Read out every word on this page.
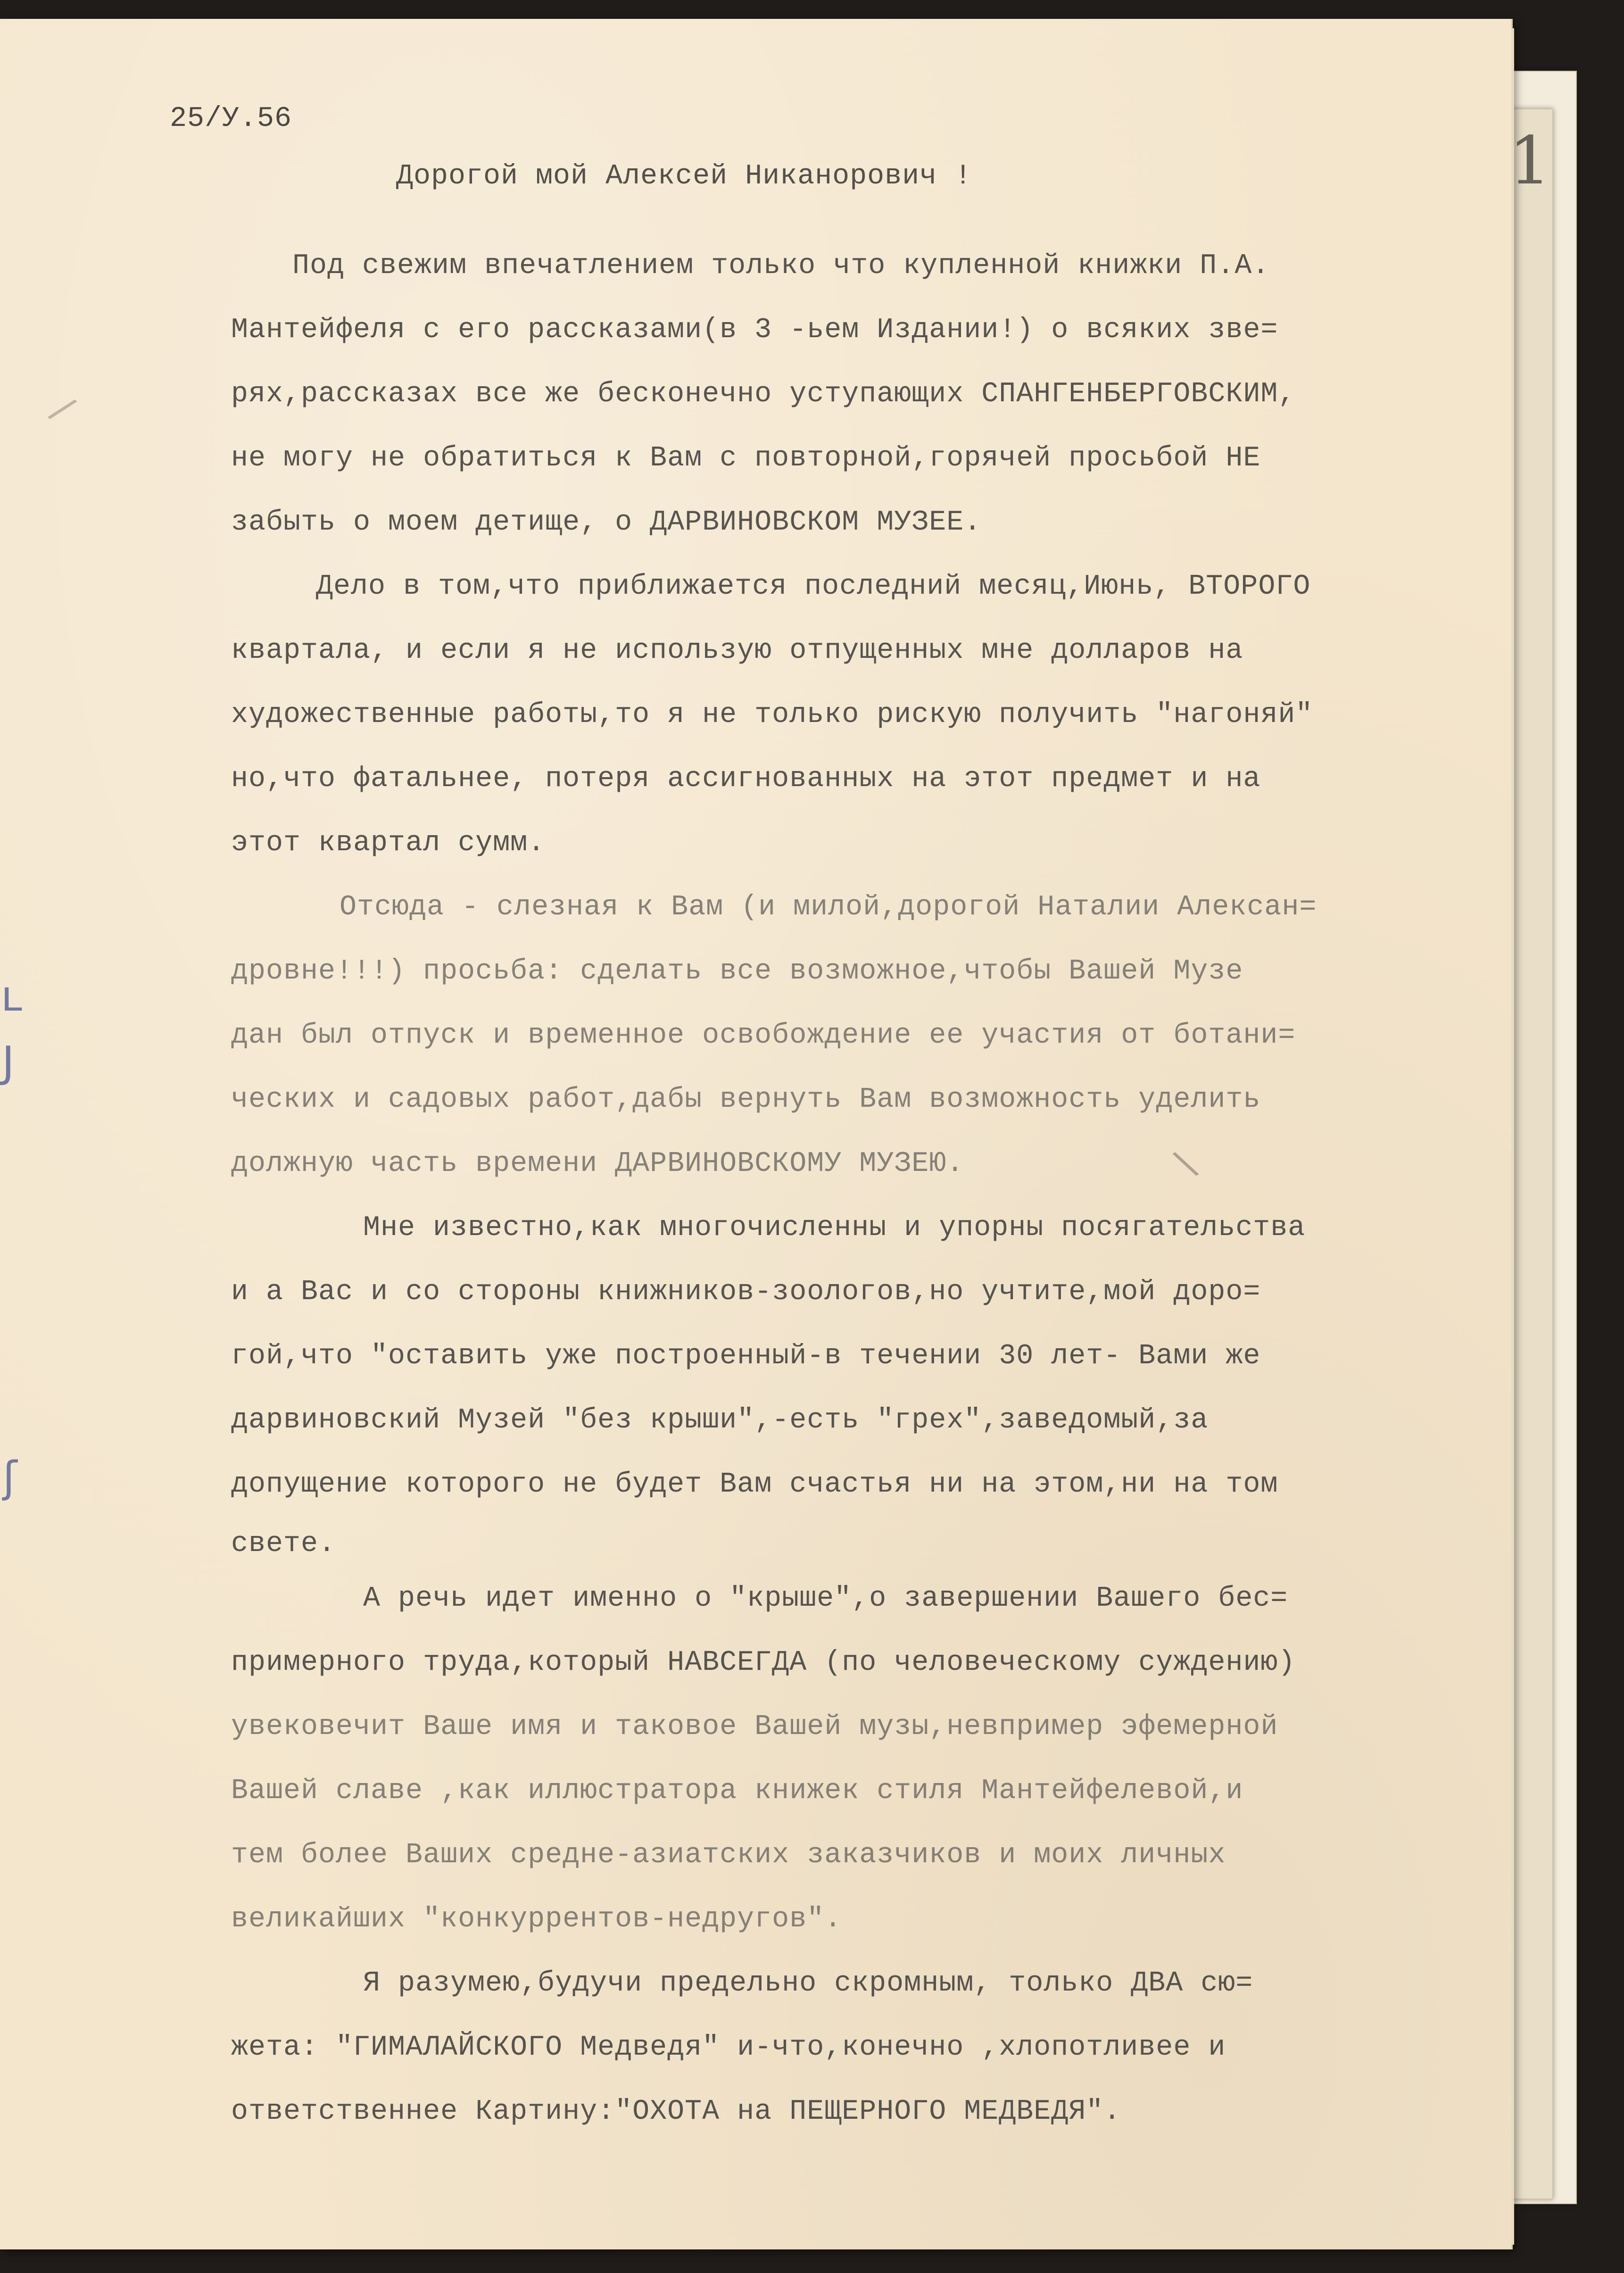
25/У.56
Дорогой мой Алексей Никанорович !
Под свежим впечатлением только что купленной книжки П.А.
Мантейфеля с его рассказами(в 3 -ьем Издании!) о всяких зве=
рях,рассказах все же бесконечно уступающих СПАНГЕНБЕРГОВСКИМ,
не могу не обратиться к Вам с повторной,горячей просьбой НЕ
забыть о моем детище, о ДАРВИНОВСКОМ МУЗЕЕ.
Дело в том,что приближается последний месяц,Июнь, ВТОРОГО
квартала, и если я не использую отпущенных мне долларов на
художественные работы,то я не только рискую получить "нагоняй"
но,что фатальнее, потеря ассигнованных на этот предмет и на
этот квартал сумм.
Отсюда - слезная к Вам (и милой,дорогой Наталии Алексан=
дровне!!!) просьба: сделать все возможное,чтобы Вашей Музе
дан был отпуск и временное освобождение ее участия от ботани=
ческих и садовых работ,дабы вернуть Вам возможность уделить
должную часть времени ДАРВИНОВСКОМУ МУЗЕЮ.
Мне известно,как многочисленны и упорны посягательства
и а Вас и со стороны книжников-зоологов,но учтите,мой доро=
гой,что "оставить уже построенный-в течении 30 лет- Вами же
дарвиновский Музей "без крыши",-есть "грех",заведомый,за
допущение которого не будет Вам счастья ни на этом,ни на том
свете.
А речь идет именно о "крыше",о завершении Вашего бес=
примерного труда,который НАВСЕГДА (по человеческому суждению)
увековечит Ваше имя и таковое Вашей музы,невпример эфемерной
Вашей славе ,как иллюстратора книжек стиля Мантейфелевой,и
тем более Ваших средне-азиатских заказчиков и моих личных
великайших "конкуррентов-недругов".
Я разумею,будучи предельно скромным, только ДВА сю=
жета: "ГИМАЛАЙСКОГО Медведя" и-что,конечно ,хлопотливее и
ответственнее Картину:"ОХОТА на ПЕЩЕРНОГО МЕДВЕДЯ".
\
/
1
ʟ
J
ʃ
